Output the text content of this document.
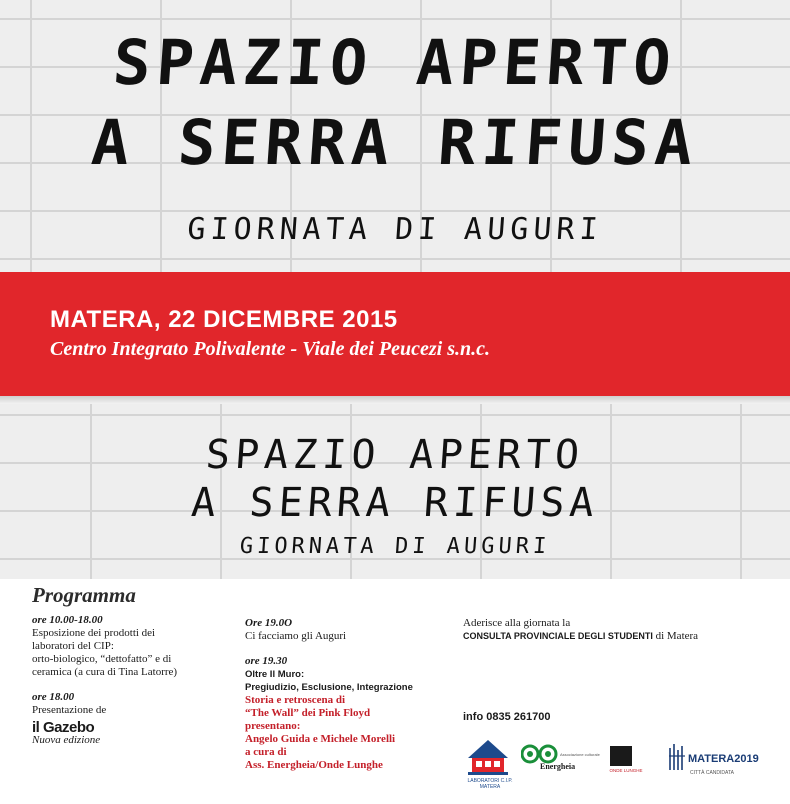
SPAZIO APERTO
A SERRA RIFUSA
GIORNATA DI AUGURI
MATERA, 22 DICEMBRE 2015
Centro Integrato Polivalente - Viale dei Peucezi s.n.c.
SPAZIO APERTO
A SERRA RIFUSA
GIORNATA DI AUGURI
Programma
ore 10.00-18.00
Esposizione dei prodotti dei
laboratori del CIP:
orto-biologico, “dettofatto” e di
ceramica (a cura di Tina Latorre)
ore 18.00
Presentazione de
il Gazebo
Nuova edizione
Ore 19.0O
Ci facciamo gli Auguri
ore 19.30
Oltre Il Muro:
Pregiudizio, Esclusione, Integrazione
Storia e retroscena di
“The Wall” dei Pink Floyd
presentano:
Angelo Guida e Michele Morelli
a cura di
Ass. Energheia/Onde Lunghe
Aderisce alla giornata la
CONSULTA PROVINCIALE DEGLI STUDENTI di Matera
info 0835 261700
LABORATORI C.I.P. MATERA
Associazione culturale
Energheia	ONDE LUNGHE
MATERA2019
CITTÀ CANDIDATA
